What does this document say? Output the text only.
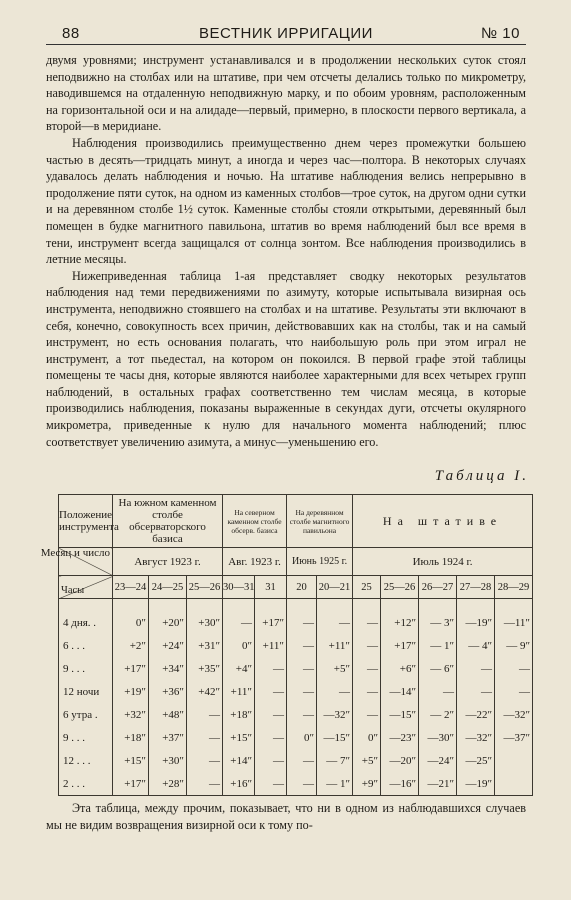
88	ВЕСТНИК ИРРИГАЦИИ	№ 10

двумя уровнями; инструмент устанавливался и в продолжении нескольких суток стоял неподвижно на столбах или на штативе, при чем отсчеты делались только по микрометру, наводившемся на отдаленную неподвижную марку, и по обоим уровням, расположенным на горизонтальной оси и на алидаде—первый, примерно, в плоскости первого вертикала, а второй—в меридиане.

Наблюдения производились преимущественно днем через промежутки большею частью в десять—тридцать минут, а иногда и через час—полтора. В некоторых случаях удавалось делать наблюдения и ночью. На штативе наблюдения велись непрерывно в продолжение пяти суток, на одном из каменных столбов—трое суток, на другом одни сутки и на деревянном столбе 1½ суток. Каменные столбы стояли открытыми, деревянный был помещен в будке магнитного павильона, штатив во время наблюдений был все время в тени, инструмент всегда защищался от солнца зонтом. Все наблюдения производились в летние месяцы.

Нижеприведенная таблица 1-ая представляет сводку некоторых результатов наблюдения над теми передвижениями по азимуту, которые испытывала визирная ось инструмента, неподвижно стоявшего на столбах и на штативе. Результаты эти включают в себя, конечно, совокупность всех причин, действовавших как на столбы, так и на самый инструмент, но есть основания полагать, что наибольшую роль при этом играл не инструмент, а тот пьедестал, на котором он покоился. В первой графе этой таблицы помещены те часы дня, которые являются наиболее характерными для всех четырех групп наблюдений, в остальных графах соответственно тем числам месяца, в которые производились наблюдения, показаны выраженные в секундах дуги, отсчеты окулярного микрометра, приведенные к нулю для начального момента наблюдений; плюс соответствует увеличению азимута, а минус—уменьшению его.

Таблица I.
Положение инструмента	На южном каменном столбе обсерваторского базиса			На северном каменном столбе обсерв. базиса		На деревянном столбе магнитного павильона		На штативе				

Месяц и число	Август 1923 г.			Авг. 1923 г.		Июнь 1925 г.		Июль 1924 г.				

Часы	23—24	24—25	25—26	30—31	31	20	20—21	25	25—26	26—27	27—28	28—29

4 дня. .	0″	+20″	+30″	—	+17″	—	—	—	+12″	— 3″	—19″	—11″
6 . . .	+2″	+24″	+31″	0″	+11″	—	+11″	—	+17″	— 1″	— 4″	— 9″
9 . . .	+17″	+34″	+35″	+4″	—	—	+5″	—	+6″	— 6″	—	—
12 ночи	+19″	+36″	+42″	+11″	—	—	—	—	—14″	—	—	—
6 утра .	+32″	+48″	—	+18″	—	—	—32″	—	—15″	— 2″	—22″	—32″
9 . . .	+18″	+37″	—	+15″	—	0″	—15″	0″	—23″	—30″	—32″	—37″
12 . . .	+15″	+30″	—	+14″	—	—	— 7″	+5″	—20″	—24″	—25″	
2 . . .	+17″	+28″	—	+16″	—	—	— 1″	+9″	—16″	—21″	—19″	
Эта таблица, между прочим, показывает, что ни в одном из наблюдавшихся случаев мы не видим возвращения визирной оси к тому по-
